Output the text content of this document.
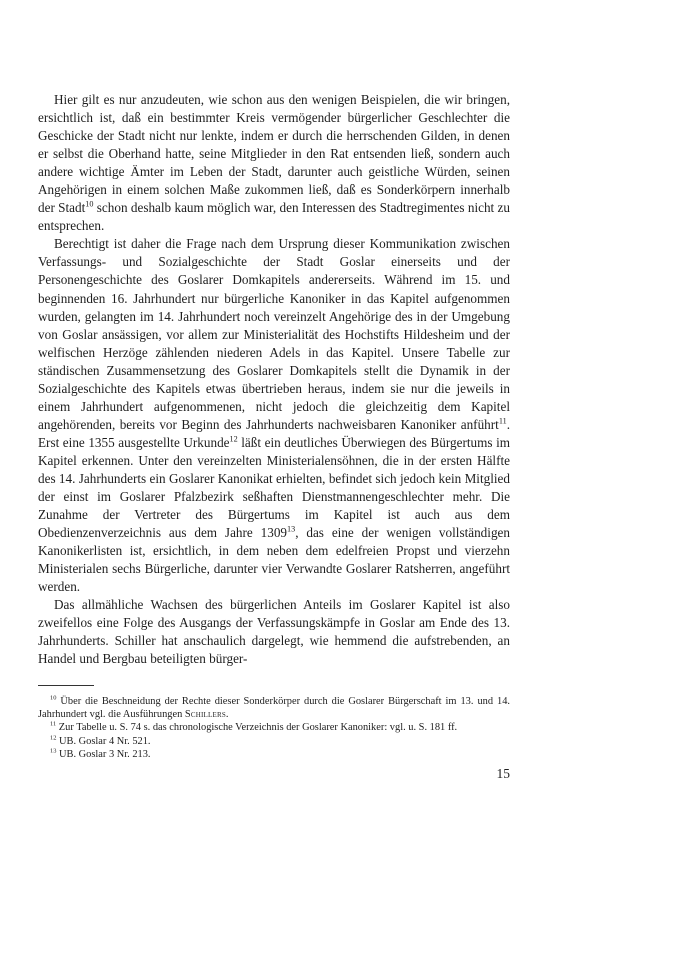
Hier gilt es nur anzudeuten, wie schon aus den wenigen Beispielen, die wir bringen, ersichtlich ist, daß ein bestimmter Kreis vermögender bürgerlicher Geschlechter die Geschicke der Stadt nicht nur lenkte, indem er durch die herrschenden Gilden, in denen er selbst die Oberhand hatte, seine Mitglieder in den Rat entsenden ließ, sondern auch andere wichtige Ämter im Leben der Stadt, darunter auch geistliche Würden, seinen Angehörigen in einem solchen Maße zukommen ließ, daß es Sonderkörpern innerhalb der Stadt$^{10}$ schon deshalb kaum möglich war, den Interessen des Stadtregimentes nicht zu entsprechen.

Berechtigt ist daher die Frage nach dem Ursprung dieser Kommunikation zwischen Verfassungs- und Sozialgeschichte der Stadt Goslar einerseits und der Personengeschichte des Goslarer Domkapitels andererseits. Während im 15. und beginnenden 16. Jahrhundert nur bürgerliche Kanoniker in das Kapitel aufgenommen wurden, gelangten im 14. Jahrhundert noch vereinzelt Angehörige des in der Umgebung von Goslar ansässigen, vor allem zur Ministerialität des Hochstifts Hildesheim und der welfischen Herzöge zählenden niederen Adels in das Kapitel. Unsere Tabelle zur ständischen Zusammensetzung des Goslarer Domkapitels stellt die Dynamik in der Sozialgeschichte des Kapitels etwas übertrieben heraus, indem sie nur die jeweils in einem Jahrhundert aufgenommenen, nicht jedoch die gleichzeitig dem Kapitel angehörenden, bereits vor Beginn des Jahrhunderts nachweisbaren Kanoniker anführt$^{11}$. Erst eine 1355 ausgestellte Urkunde$^{12}$ läßt ein deutliches Überwiegen des Bürgertums im Kapitel erkennen. Unter den vereinzelten Ministerialensöhnen, die in der ersten Hälfte des 14. Jahrhunderts ein Goslarer Kanonikat erhielten, befindet sich jedoch kein Mitglied der einst im Goslarer Pfalzbezirk seßhaften Dienstmannengeschlechter mehr. Die Zunahme der Vertreter des Bürgertums im Kapitel ist auch aus dem Obedienzenverzeichnis aus dem Jahre 1309$^{13}$, das eine der wenigen vollständigen Kanonikerlisten ist, ersichtlich, in dem neben dem edelfreien Propst und vierzehn Ministerialen sechs Bürgerliche, darunter vier Verwandte Goslarer Ratsherren, angeführt werden.

Das allmähliche Wachsen des bürgerlichen Anteils im Goslarer Kapitel ist also zweifellos eine Folge des Ausgangs der Verfassungskämpfe in Goslar am Ende des 13. Jahrhunderts. Schiller hat anschaulich dargelegt, wie hemmend die aufstrebenden, an Handel und Bergbau beteiligten bürger-

$^{10}$ Über die Beschneidung der Rechte dieser Sonderkörper durch die Goslarer Bürgerschaft im 13. und 14. Jahrhundert vgl. die Ausführungen Schillers.

$^{11}$ Zur Tabelle u. S. 74 s. das chronologische Verzeichnis der Goslarer Kanoniker: vgl. u. S. 181 ff.

$^{12}$ UB. Goslar 4 Nr. 521.

$^{13}$ UB. Goslar 3 Nr. 213.

15
